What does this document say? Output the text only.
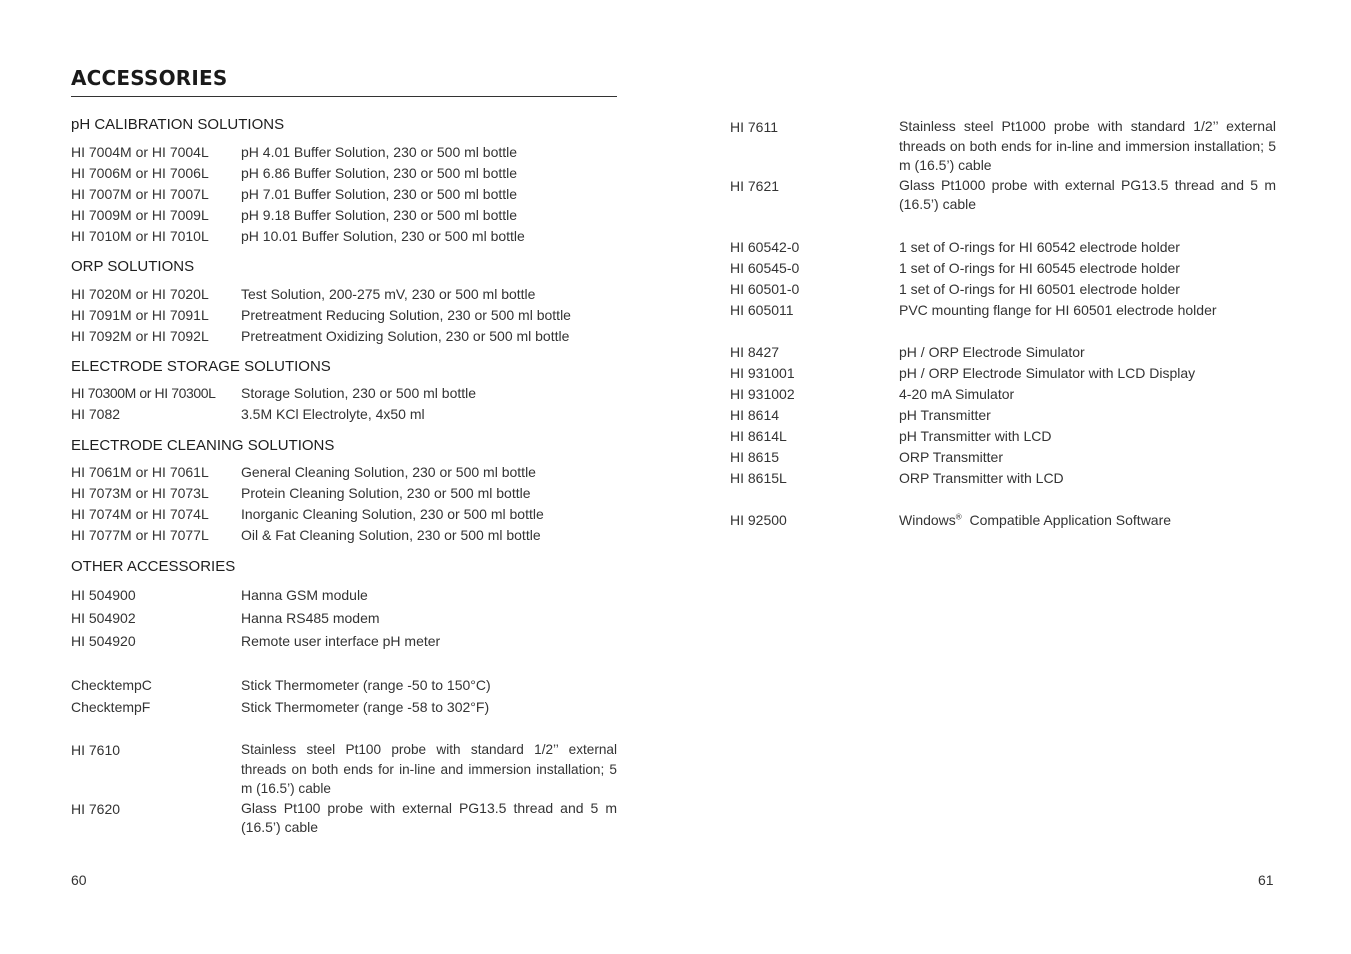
ACCESSORIES
pH CALIBRATION SOLUTIONS
HI 7004M or HI 7004L	pH 4.01 Buffer Solution, 230 or 500 ml bottle
HI 7006M or HI 7006L	pH 6.86 Buffer Solution, 230 or 500 ml bottle
HI 7007M or HI 7007L	pH 7.01 Buffer Solution, 230 or 500 ml bottle
HI 7009M or HI 7009L	pH 9.18 Buffer Solution, 230 or 500 ml bottle
HI 7010M or HI 7010L	pH 10.01 Buffer Solution, 230 or 500 ml bottle
ORP SOLUTIONS
HI 7020M or HI 7020L	Test Solution, 200-275 mV, 230 or 500 ml bottle
HI 7091M or HI 7091L	Pretreatment Reducing Solution, 230 or 500 ml bottle
HI 7092M or HI 7092L	Pretreatment Oxidizing Solution, 230 or 500 ml bottle
ELECTRODE STORAGE SOLUTIONS
HI 70300M or HI 70300L	Storage Solution, 230 or 500 ml bottle
HI 7082	3.5M KCl Electrolyte, 4x50 ml
ELECTRODE CLEANING SOLUTIONS
HI 7061M or HI 7061L	General Cleaning Solution, 230 or 500 ml bottle
HI 7073M or HI 7073L	Protein Cleaning Solution, 230 or 500 ml bottle
HI 7074M or HI 7074L	Inorganic Cleaning Solution, 230 or 500 ml bottle
HI 7077M or HI 7077L	Oil & Fat Cleaning Solution, 230 or 500 ml bottle
OTHER ACCESSORIES
HI 504900	Hanna GSM module
HI 504902	Hanna RS485 modem
HI 504920	Remote user interface pH meter
ChecktempC	Stick Thermometer (range -50 to 150°C)
ChecktempF	Stick Thermometer (range -58 to 302°F)
HI 7610	Stainless steel Pt100 probe with standard 1/2’’ external threads on both ends for in-line and immersion installation; 5 m (16.5’) cable
HI 7620	Glass Pt100 probe with external PG13.5 thread and 5 m (16.5’) cable
60
HI 7611	Stainless steel Pt1000 probe with standard 1/2’’ external threads on both ends for in-line and immersion installation; 5 m (16.5’) cable
HI 7621	Glass Pt1000 probe with external PG13.5 thread and 5 m (16.5’) cable
HI 60542-0	1 set of O-rings for HI 60542 electrode holder
HI 60545-0	1 set of O-rings for HI 60545 electrode holder
HI 60501-0	1 set of O-rings for HI 60501 electrode holder
HI 605011	PVC mounting flange for HI 60501 electrode holder
HI 8427	pH / ORP Electrode Simulator
HI 931001	pH / ORP Electrode Simulator with LCD Display
HI 931002	4-20 mA Simulator
HI 8614	pH Transmitter
HI 8614L	pH Transmitter with LCD
HI 8615	ORP Transmitter
HI 8615L	ORP Transmitter with LCD
HI 92500	Windows®  Compatible Application Software
61
